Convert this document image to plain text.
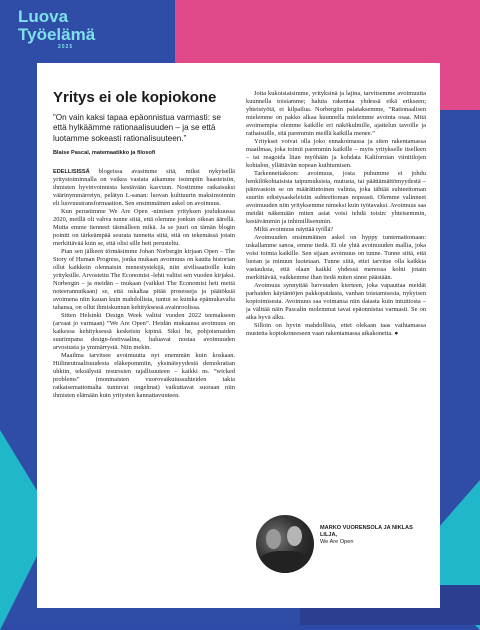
Luova
Työelämä
2025
Yritys ei ole kopiokone
”On vain kaksi tapaa epäonnistua varmasti: se että hylkäämme rationaalisuuden – ja se että luotamme sokeasti rationalisuuteen.”
Blaise Pascal, matemaatikko ja filosofi

EDELLISISSÄ blogeissa avasimme sitä, miksi nykyisellä yritystoiminnalla on vaikea vastata aikamme isoimpiin haasteisiin, ihmisten hyvinvoinnista kestävään kasvuun. Nostimme ratkaisuksi väärinymmärretyn, pelätyn L-sanan: luovan kulttuurin maksimoinnin eli luovuustransformaation. Sen ensimmäinen askel on avoimuus.

Kun perustimme We Are Open -nimisen yrityksen joulukuussa 2020, meillä oli vahva tunne siitä, että olemme jonkun oikean äärellä. Mutta emme tienneet täsmälleen mikä. Ja se juuri on tämän blogin pointti on tärkeämpää seurata tunnetta siitä, että on tekemässä jotain merkittävää kuin se, että olisi sille heti perusteltu.

Pian sen jälkeen törmäsimme Johan Norbergin kirjaan Open – The Story of Human Progress, jonka mukaan avoimuus on kautta historian ollut kaikkein olennaisin menestystekijä, niin sivilisaatioille kuin yrityksille. Arvostettu The Economist -lehti valitsi sen vuoden kirjaksi. Norbergin – ja meidän – mukaan (vaikkei The Economist heti meitä noteerannutkaan) se, että uskaltaa pitää prosesseja ja päätöksiä avoimena niin kauan kuin mahdollista, tuntui se kuinka epämukavalta tahansa, on ollut ihmiskunnan kehityksessä avainroolissa.

Sitten Helsinki Design Week valitsi vuoden 2022 teemakseen (arvaat jo varmaan) ”We Are Open”. Heidän mukaansa avoimuus on kaikessa kehityksessä keskeisin kipinä. Siksi he, pohjoismaiden suurimpana design-festivaalina, haluavat nostaa avoimuuden arvostusta ja ymmärrystä. Niin mekin.

Maailma tarvitsee avoimuutta nyt enemmän kuin koskaan. Hiilineutraalisuudesta eläkepommiin, yksinäisyydestä demokratian uhkiin, tekoälystä resurssien rajallisuuteen – kaikki ns. ”wicked problems” (moninaisten vuorovaikutussuhteiden takia ratkaisemattomalta tuntuvat ongelmat) vaikuttavat suoraan niin ihmisten elämään kuin yritysten kannattavuuteen.

Jotta kukoistaisimme, yrityksinä ja lajina, tarvitsemme avoimuutta kuunnella toisiamme; haluta rakentaa yhdessä eikä erikseen; yhteistyötä, ei kilpailua. Norbergiin palataksemme, ”Rationaalisen mielemme on pakko alkaa kuunnella mielemme avointa osaa. Mitä avoimempia olemme kaikille eri näkökulmille, ajattelun tavoille ja rathaisuille, sitä paremmin meillä kaikilla menee.”

Yritykset voivat olla joko ennakoimassa ja siten rakentamassa maailmaa, joka toimii paremmin kaikille – myös yritykselle itselleen – tai reagoida liian myöhään ja kohdata Kalifornian viinitilojen kohtalon, yllättävän nopean kuihtumisen.

Tarkennettakoon: avoimuus, josta puhumme ei johdu henkilökohtaisista taipumuksista, mutusta, tai päättämättömyydestä – päinvastoin se on määrätietoinen valinta, joka tähtää suhteettoman suuriin edistysaskeleisiin suhteettoman nopeasti. Olemme valinneet avoimuuden niin yrityksemme nimeksi kuin työtavaksi. Avoimuus saa meidät näkemään miten asiat voisi tehdä toisin: yhteisemmin, kestävämmin ja inhimillisemmin.

Miltä avoimuus näyttää työllä?

Avoimuuden ensimmäinen askel on hyppy tuntemattomaan: uskallamme sanoa, emme tiedä. Ei ole yhtä avoimuuden mallia, joka voisi toimia kaikille. Sen sijaan avoimuus on tunne. Tunne siitä, että luotan ja minuun luotetaan. Tunne siitä, ettei tarvitse olla kaikkia vastauksia, että olaan kaikki yhdessä menossa kohti jotain merkittävää, vaikkemme ihan tiedä miten sinne päästään.

Avoimuus synnyttää luovuuden kierteen, joka vapauttaa meidät parhaiden käytäntöjen pakkopaidasta, vanhan toistamisesta, nykyisen kopioimisesta. Avoimuus saa voimansa niin datasta kuin intuitiosta – ja välttää näin Pascalin molemmat tavat epäonnistua varmasti. Se on aika hyvä alku.

Silloin on hyvin mahdollista, ettet olekaan taas vaihtamassa mustetta kopiokoneeseen vaan rakentamassa aikakonetta. ●

MARKO VUORENSOLA JA NIKLAS LILJA,
We Are Open
